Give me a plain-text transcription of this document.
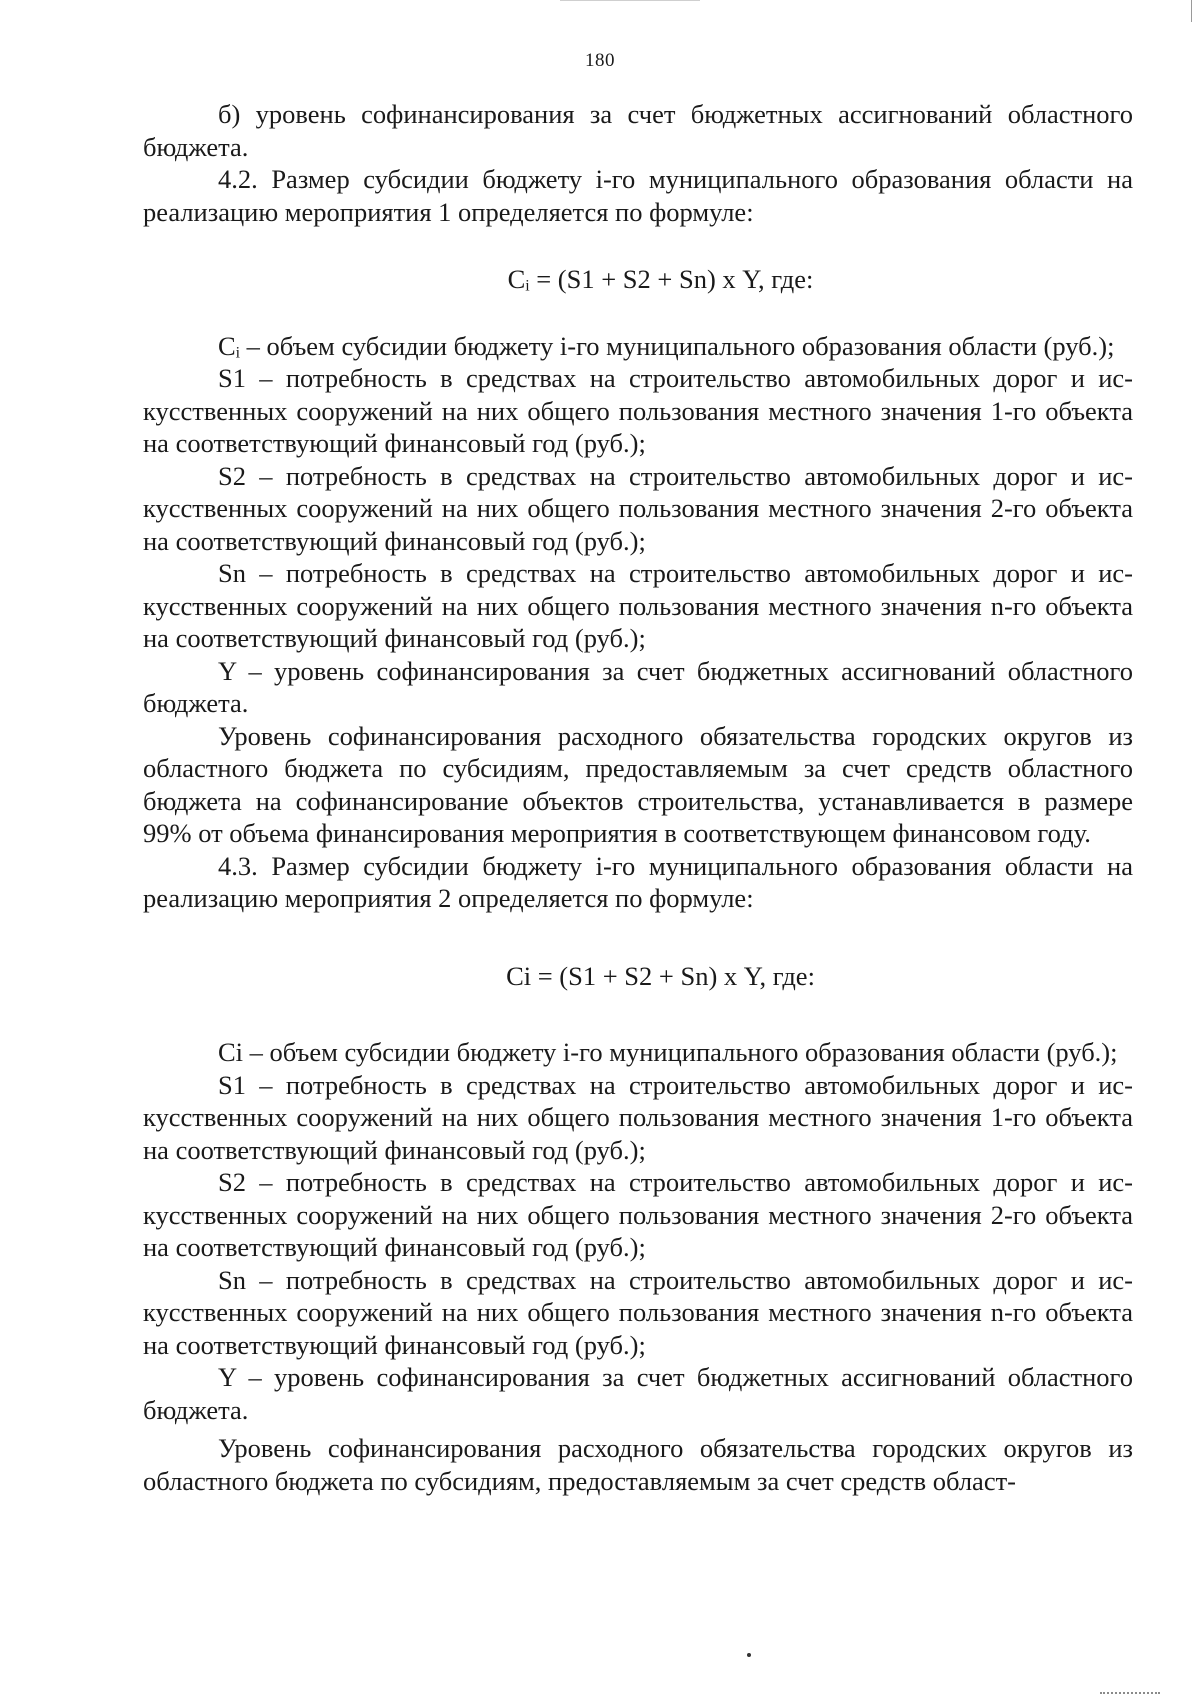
180

б) уровень софинансирования за счет бюджетных ассигнований областного бюджета.

4.2. Размер субсидии бюджету i-го муниципального образования области на реализацию мероприятия 1 определяется по формуле:

Сᵢ = (S1 + S2 + Sn) х Y, где:

Сᵢ – объем субсидии бюджету i-го муниципального образования области (руб.);

S1 – потребность в средствах на строительство автомобильных дорог и искусственных сооружений на них общего пользования местного значения 1-го объекта на соответствующий финансовый год (руб.);

S2 – потребность в средствах на строительство автомобильных дорог и искусственных сооружений на них общего пользования местного значения 2-го объекта на соответствующий финансовый год (руб.);

Sn – потребность в средствах на строительство автомобильных дорог и искусственных сооружений на них общего пользования местного значения n-го объекта на соответствующий финансовый год (руб.);

Y – уровень софинансирования за счет бюджетных ассигнований областного бюджета.

Уровень софинансирования расходного обязательства городских округов из областного бюджета по субсидиям, предоставляемым за счет средств областного бюджета на софинансирование объектов строительства, устанавливается в размере 99% от объема финансирования мероприятия в соответствующем финансовом году.

4.3. Размер субсидии бюджету i-го муниципального образования области на реализацию мероприятия 2 определяется по формуле:

Ci = (S1 + S2 + Sn) х Y, где:

Ci – объем субсидии бюджету i-го муниципального образования области (руб.);

S1 – потребность в средствах на строительство автомобильных дорог и искусственных сооружений на них общего пользования местного значения 1-го объекта на соответствующий финансовый год (руб.);

S2 – потребность в средствах на строительство автомобильных дорог и искусственных сооружений на них общего пользования местного значения 2-го объекта на соответствующий финансовый год (руб.);

Sn – потребность в средствах на строительство автомобильных дорог и искусственных сооружений на них общего пользования местного значения n-го объекта на соответствующий финансовый год (руб.);

Y – уровень софинансирования за счет бюджетных ассигнований областного бюджета.

Уровень софинансирования расходного обязательства городских округов из областного бюджета по субсидиям, предоставляемым за счет средств област-
